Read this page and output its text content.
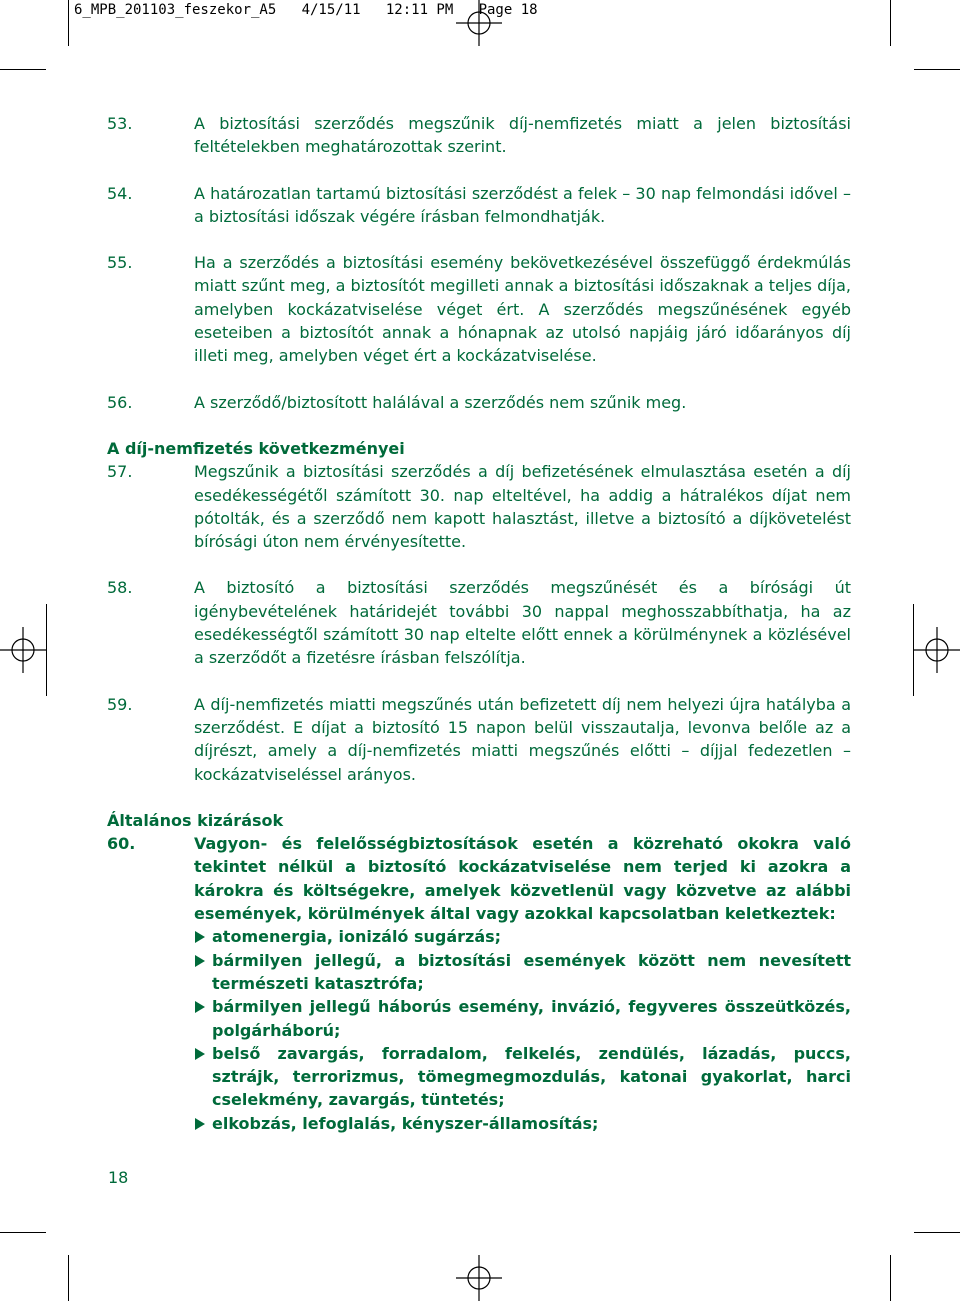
6_MPB_201103_feszekor_A5   4/15/11   12:11 PM   Page 18
53.	A biztosítási szerződés megszűnik díj-nemfizetés miatt a jelen biztosítási feltételekben meghatározottak szerint.
54.	A határozatlan tartamú biztosítási szerződést a felek – 30 nap felmondási idővel – a biztosítási időszak végére írásban felmondhatják.
55.	Ha a szerződés a biztosítási esemény bekövetkezésével összefüggő érdekmúlás miatt szűnt meg, a biztosítót megilleti annak a biztosítási időszaknak a teljes díja, amelyben kockázatviselése véget ért. A szerződés megszűnésének egyéb eseteiben a biztosítót annak a hónapnak az utolsó napjáig járó időarányos díj illeti meg, amelyben véget ért a kockázatviselése.
56.	A szerződő/biztosított halálával a szerződés nem szűnik meg.
A díj-nemfizetés következményei
57.	Megszűnik a biztosítási szerződés a díj befizetésének elmulasztása esetén a díj esedékességétől számított 30. nap elteltével, ha addig a hátralékos díjat nem pótolták, és a szerződő nem kapott halasztást, illetve a biztosító a díjkövetelést bírósági úton nem érvényesítette.
58.	A biztosító a biztosítási szerződés megszűnését és a bírósági út igénybevételének határidejét további 30 nappal meghosszabbíthatja, ha az esedékességtől számított 30 nap eltelte előtt ennek a körülménynek a közlésével a szerződőt a fizetésre írásban felszólítja.
59.	A díj-nemfizetés miatti megszűnés után befizetett díj nem helyezi újra hatályba a szerződést. E díjat a biztosító 15 napon belül visszautalja, levonva belőle az a díjrészt, amely a díj-nemfizetés miatti megszűnés előtti – díjjal fedezetlen – kockázatviseléssel arányos.
Általános kizárások
60.	Vagyon- és felelősségbiztosítások esetén a közreható okokra való tekintet nélkül a biztosító kockázatviselése nem terjed ki azokra a károkra és költségekre, amelyek közvetlenül vagy közvetve az alábbi események, körülmények által vagy azokkal kapcsolatban keletkeztek:
atomenergia, ionizáló sugárzás;
bármilyen jellegű, a biztosítási események között nem nevesített természeti katasztrófa;
bármilyen jellegű háborús esemény, invázió, fegyveres összeütközés, polgárháború;
belső zavargás, forradalom, felkelés, zendülés, lázadás, puccs, sztrájk, terrorizmus, tömegmegmozdulás, katonai gyakorlat, harci cselekmény, zavargás, tüntetés;
elkobzás, lefoglalás, kényszer-államosítás;
18
